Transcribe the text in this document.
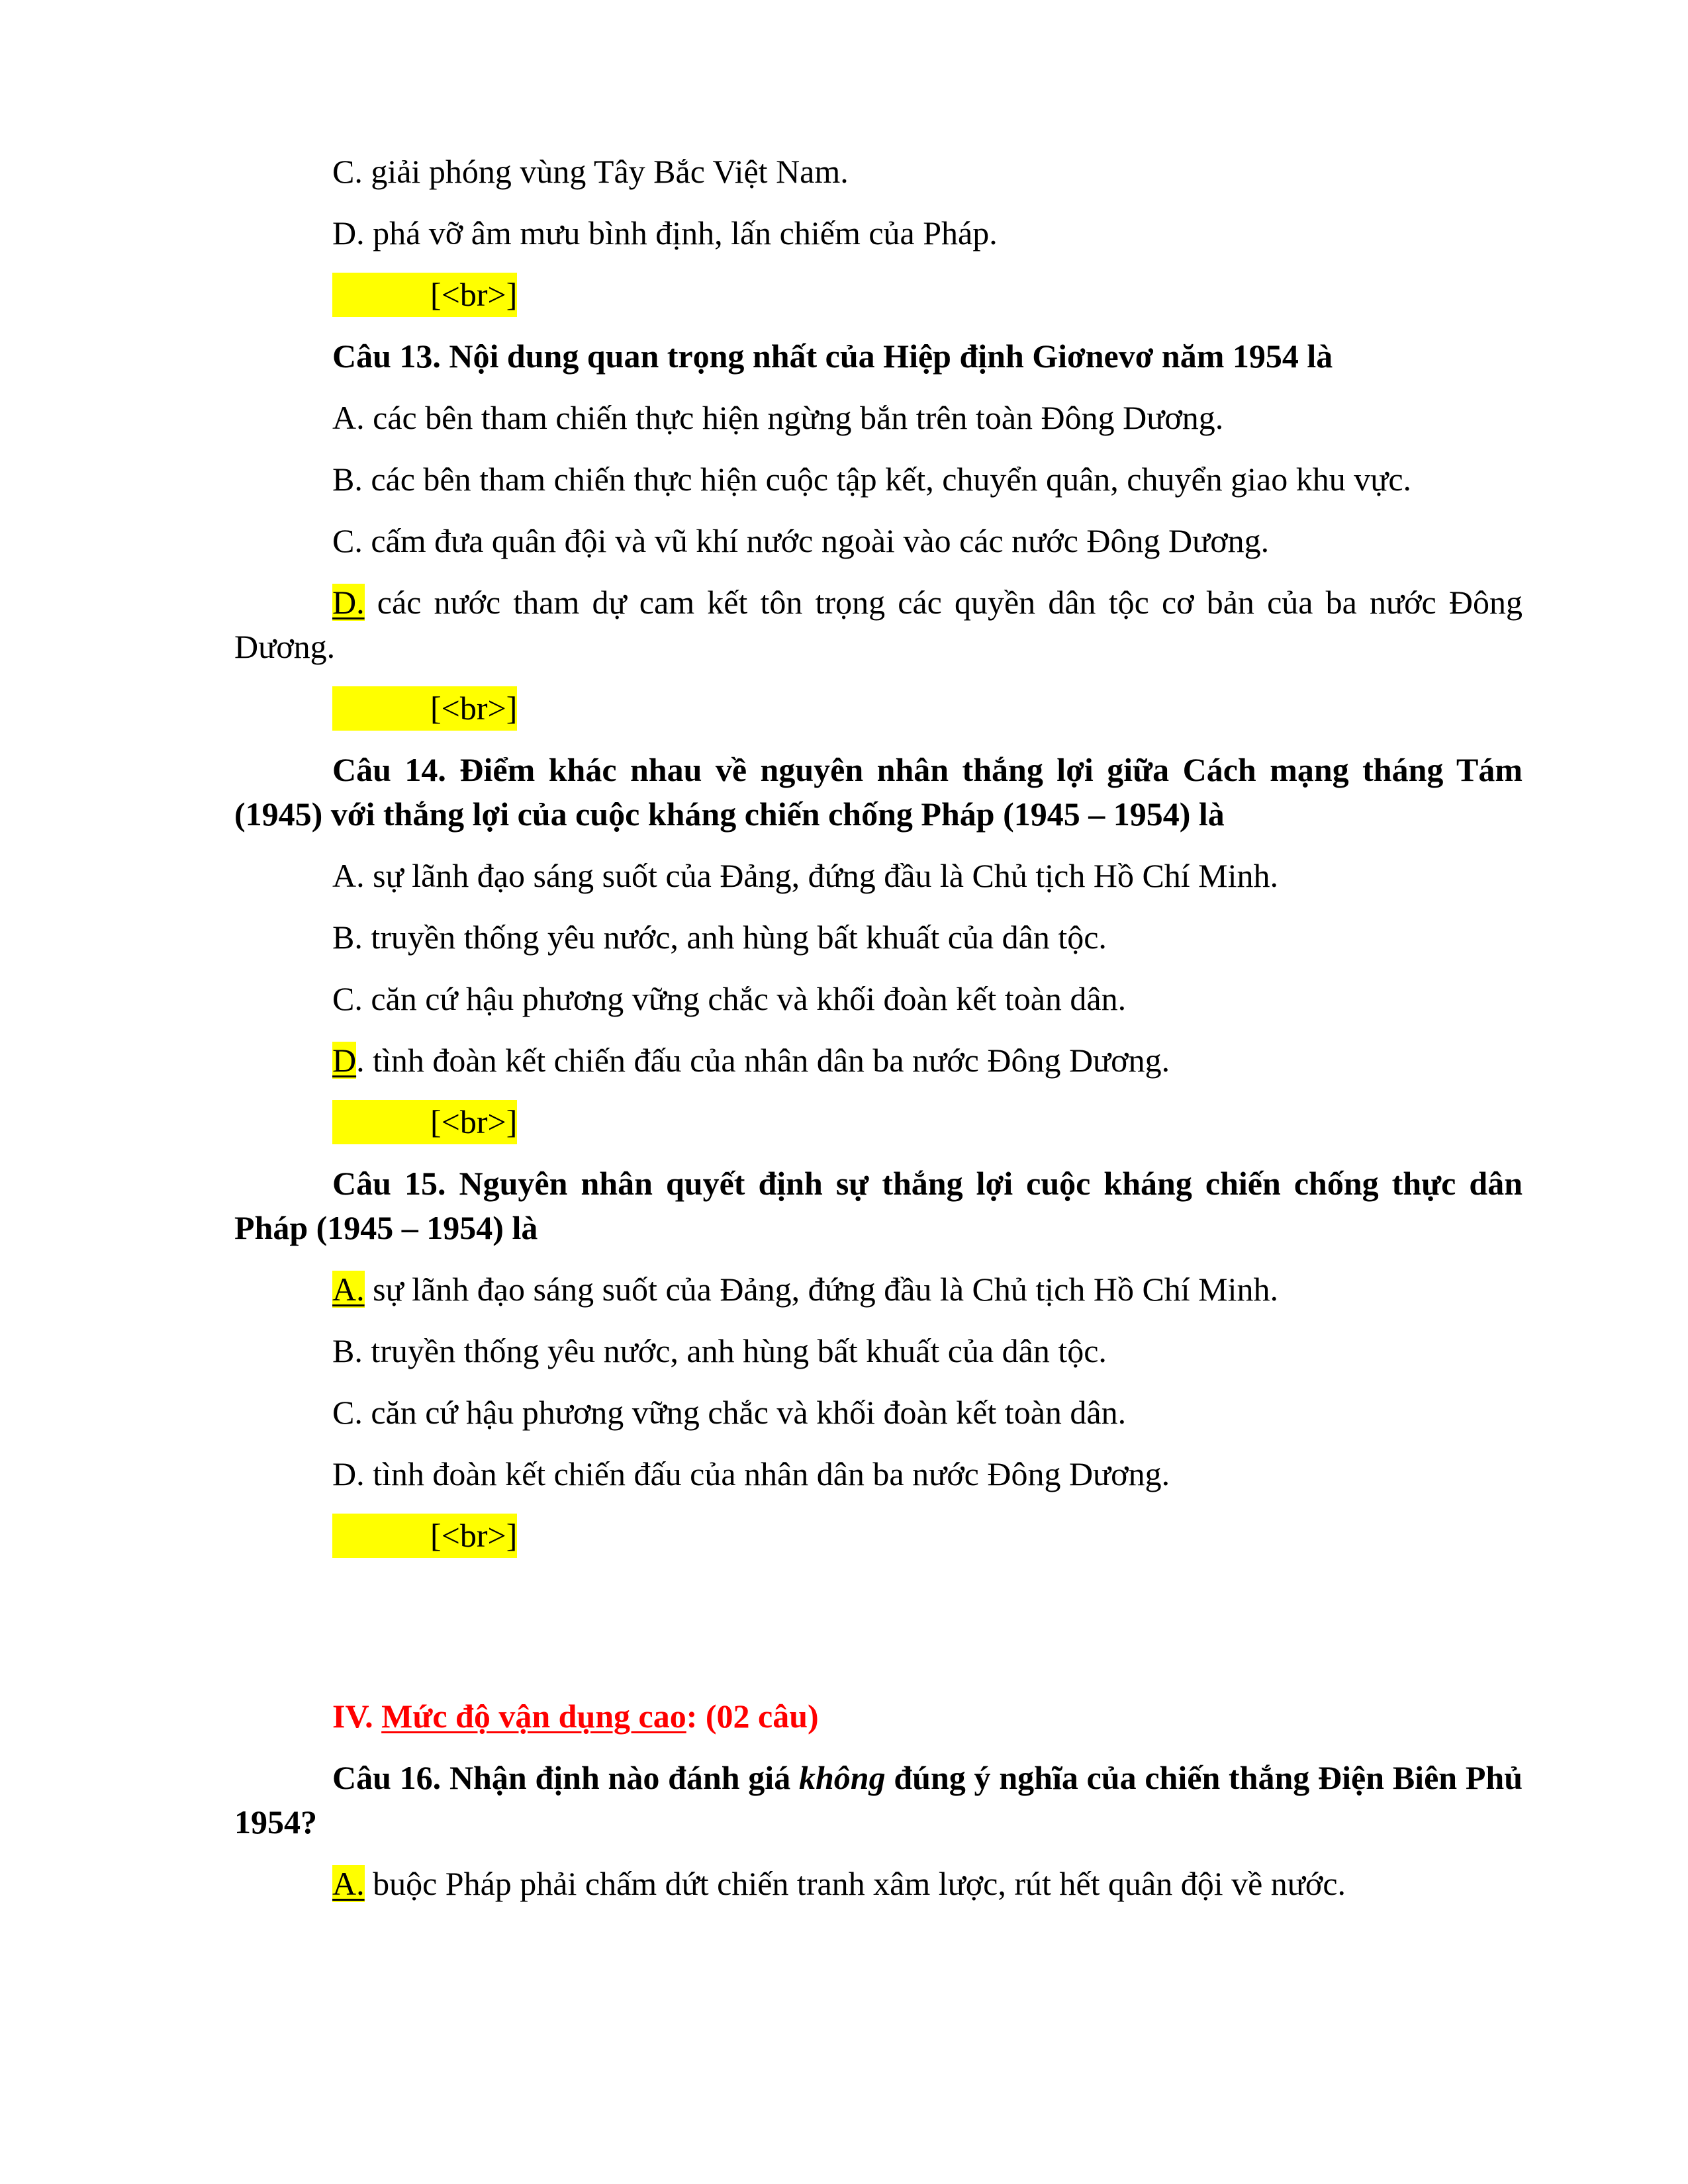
C. giải phóng vùng Tây Bắc Việt Nam.

D. phá vỡ âm mưu bình định, lấn chiếm của Pháp.

[<br>]

Câu 13. Nội dung quan trọng nhất của Hiệp định Giơnevơ năm 1954 là

A. các bên tham chiến thực hiện ngừng bắn trên toàn Đông Dương.

B. các bên tham chiến thực hiện cuộc tập kết, chuyển quân, chuyển giao khu vực.

C. cấm đưa quân đội và vũ khí nước ngoài vào các nước Đông Dương.

D. các nước tham dự cam kết tôn trọng các quyền dân tộc cơ bản của ba nước Đông Dương.

[<br>]

Câu 14. Điểm khác nhau về nguyên nhân thắng lợi giữa Cách mạng tháng Tám (1945) với thắng lợi của cuộc kháng chiến chống Pháp (1945 – 1954) là

A. sự lãnh đạo sáng suốt của Đảng, đứng đầu là Chủ tịch Hồ Chí Minh.

B. truyền thống yêu nước, anh hùng bất khuất của dân tộc.

C. căn cứ hậu phương vững chắc và khối đoàn kết toàn dân.

D. tình đoàn kết chiến đấu của nhân dân ba nước Đông Dương.

[<br>]

Câu 15. Nguyên nhân quyết định sự thắng lợi cuộc kháng chiến chống thực dân Pháp (1945 – 1954) là

A. sự lãnh đạo sáng suốt của Đảng, đứng đầu là Chủ tịch Hồ Chí Minh.

B. truyền thống yêu nước, anh hùng bất khuất của dân tộc.

C. căn cứ hậu phương vững chắc và khối đoàn kết toàn dân.

D. tình đoàn kết chiến đấu của nhân dân ba nước Đông Dương.

[<br>]

IV. Mức độ vận dụng cao: (02 câu)

Câu 16. Nhận định nào đánh giá không đúng ý nghĩa của chiến thắng Điện Biên Phủ 1954?

A. buộc Pháp phải chấm dứt chiến tranh xâm lược, rút hết quân đội về nước.
